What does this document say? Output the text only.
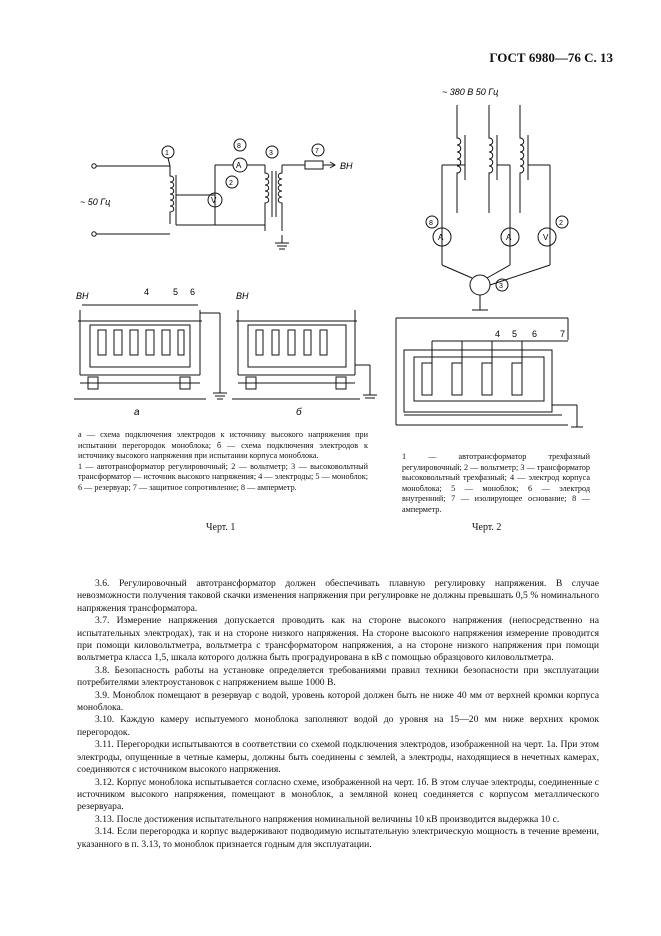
ГОСТ 6980—76 С. 13
~ 50 Гц
ВН
1
8
2
3	7
ВН	ВН
4	5 6
а	б
V
A

а — схема подключения электродов к источнику высокого напряжения при испытании перегородок моноблока; б — схема подключения электродов к источнику высокого напряжения при испытании корпуса моноблока.

1 — автотрансформатор регулировочный; 2 — вольтметр; 3 — высоковольтный трансформатор — источник высокого напряжения; 4 — электроды; 5 — моноблок; 6 — резервуар; 7 — защитное сопротивление; 8 — амперметр.

Черт. 1
~ 380 В 50 Гц
A	A	V
8	2
3
4 5 6	7

1 — автотрансформатор трехфазный регулировочный; 2 — вольтметр; 3 — трансформатор высоковольтный трехфазный; 4 — электрод корпуса моноблока; 5 — моноблок; 6 — электрод внутренний; 7 — изолирующее основание; 8 — амперметр.

Черт. 2

3.6. Регулировочный автотрансформатор должен обеспечивать плавную регулировку напряжения. В случае невозможности получения таковой скачки изменения напряжения при регулировке не должны превышать 0,5 % номинального напряжения трансформатора.

3.7. Измерение напряжения допускается проводить как на стороне высокого напряжения (непосредственно на испытательных электродах), так и на стороне низкого напряжения. На стороне высокого напряжения измерение проводится при помощи киловольтметра, вольтметра с трансформатором напряжения, а на стороне низкого напряжения при помощи вольтметра класса 1,5, шкала которого должна быть проградуирована в кВ с помощью образцового киловольтметра.

3.8. Безопасность работы на установке определяется требованиями правил техники безопасности при эксплуатации потребителями электроустановок с напряжением выше 1000 В.

3.9. Моноблок помещают в резервуар с водой, уровень которой должен быть не ниже 40 мм от верхней кромки корпуса моноблока.

3.10. Каждую камеру испытуемого моноблока заполняют водой до уровня на 15—20 мм ниже верхних кромок перегородок.

3.11. Перегородки испытываются в соответствии со схемой подключения электродов, изображенной на черт. 1а. При этом электроды, опущенные в четные камеры, должны быть соединены с землей, а электроды, находящиеся в нечетных камерах, соединяются с источником высокого напряжения.

3.12. Корпус моноблока испытывается согласно схеме, изображенной на черт. 1б. В этом случае электроды, соединенные с источником высокого напряжения, помещают в моноблок, а земляной конец соединяется с корпусом металлического резервуара.

3.13. После достижения испытательного напряжения номинальной величины 10 кВ производится выдержка 10 с.

3.14. Если перегородка и корпус выдерживают подводимую испытательную электрическую мощность в течение времени, указанного в п. 3.13, то моноблок признается годным для эксплуатации.
